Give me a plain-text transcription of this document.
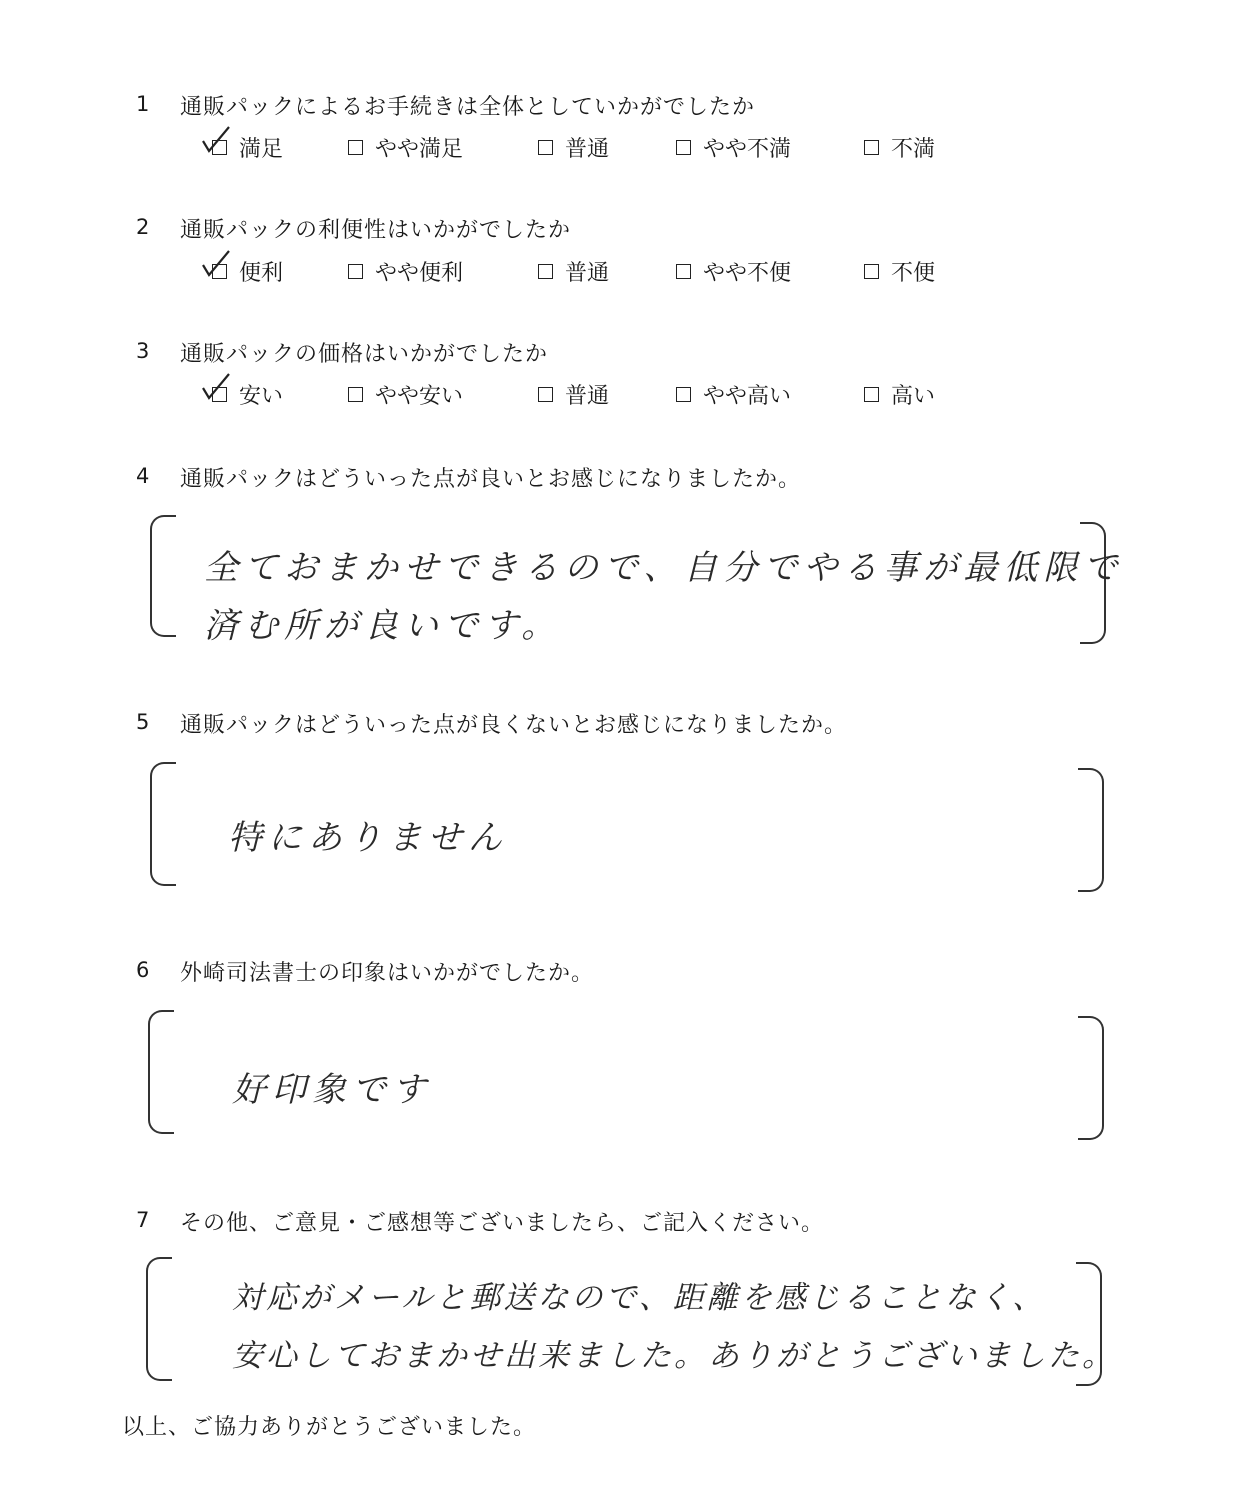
1 通販パックによるお手続きは全体としていかがでしたか
満足	やや満足	普通	やや不満	不満
2 通販パックの利便性はいかがでしたか
便利	やや便利	普通	やや不便	不便
3 通販パックの価格はいかがでしたか
安い	やや安い	普通	やや高い	高い
4 通販パックはどういった点が良いとお感じになりましたか。
全ておまかせできるので、自分でやる事が最低限で
済む所が良いです。
5 通販パックはどういった点が良くないとお感じになりましたか。
特にありません
6 外崎司法書士の印象はいかがでしたか。
好印象です
7 その他、ご意見・ご感想等ございましたら、ご記入ください。
対応がメールと郵送なので、距離を感じることなく、
安心しておまかせ出来ました。ありがとうございました。
以上、ご協力ありがとうございました。
